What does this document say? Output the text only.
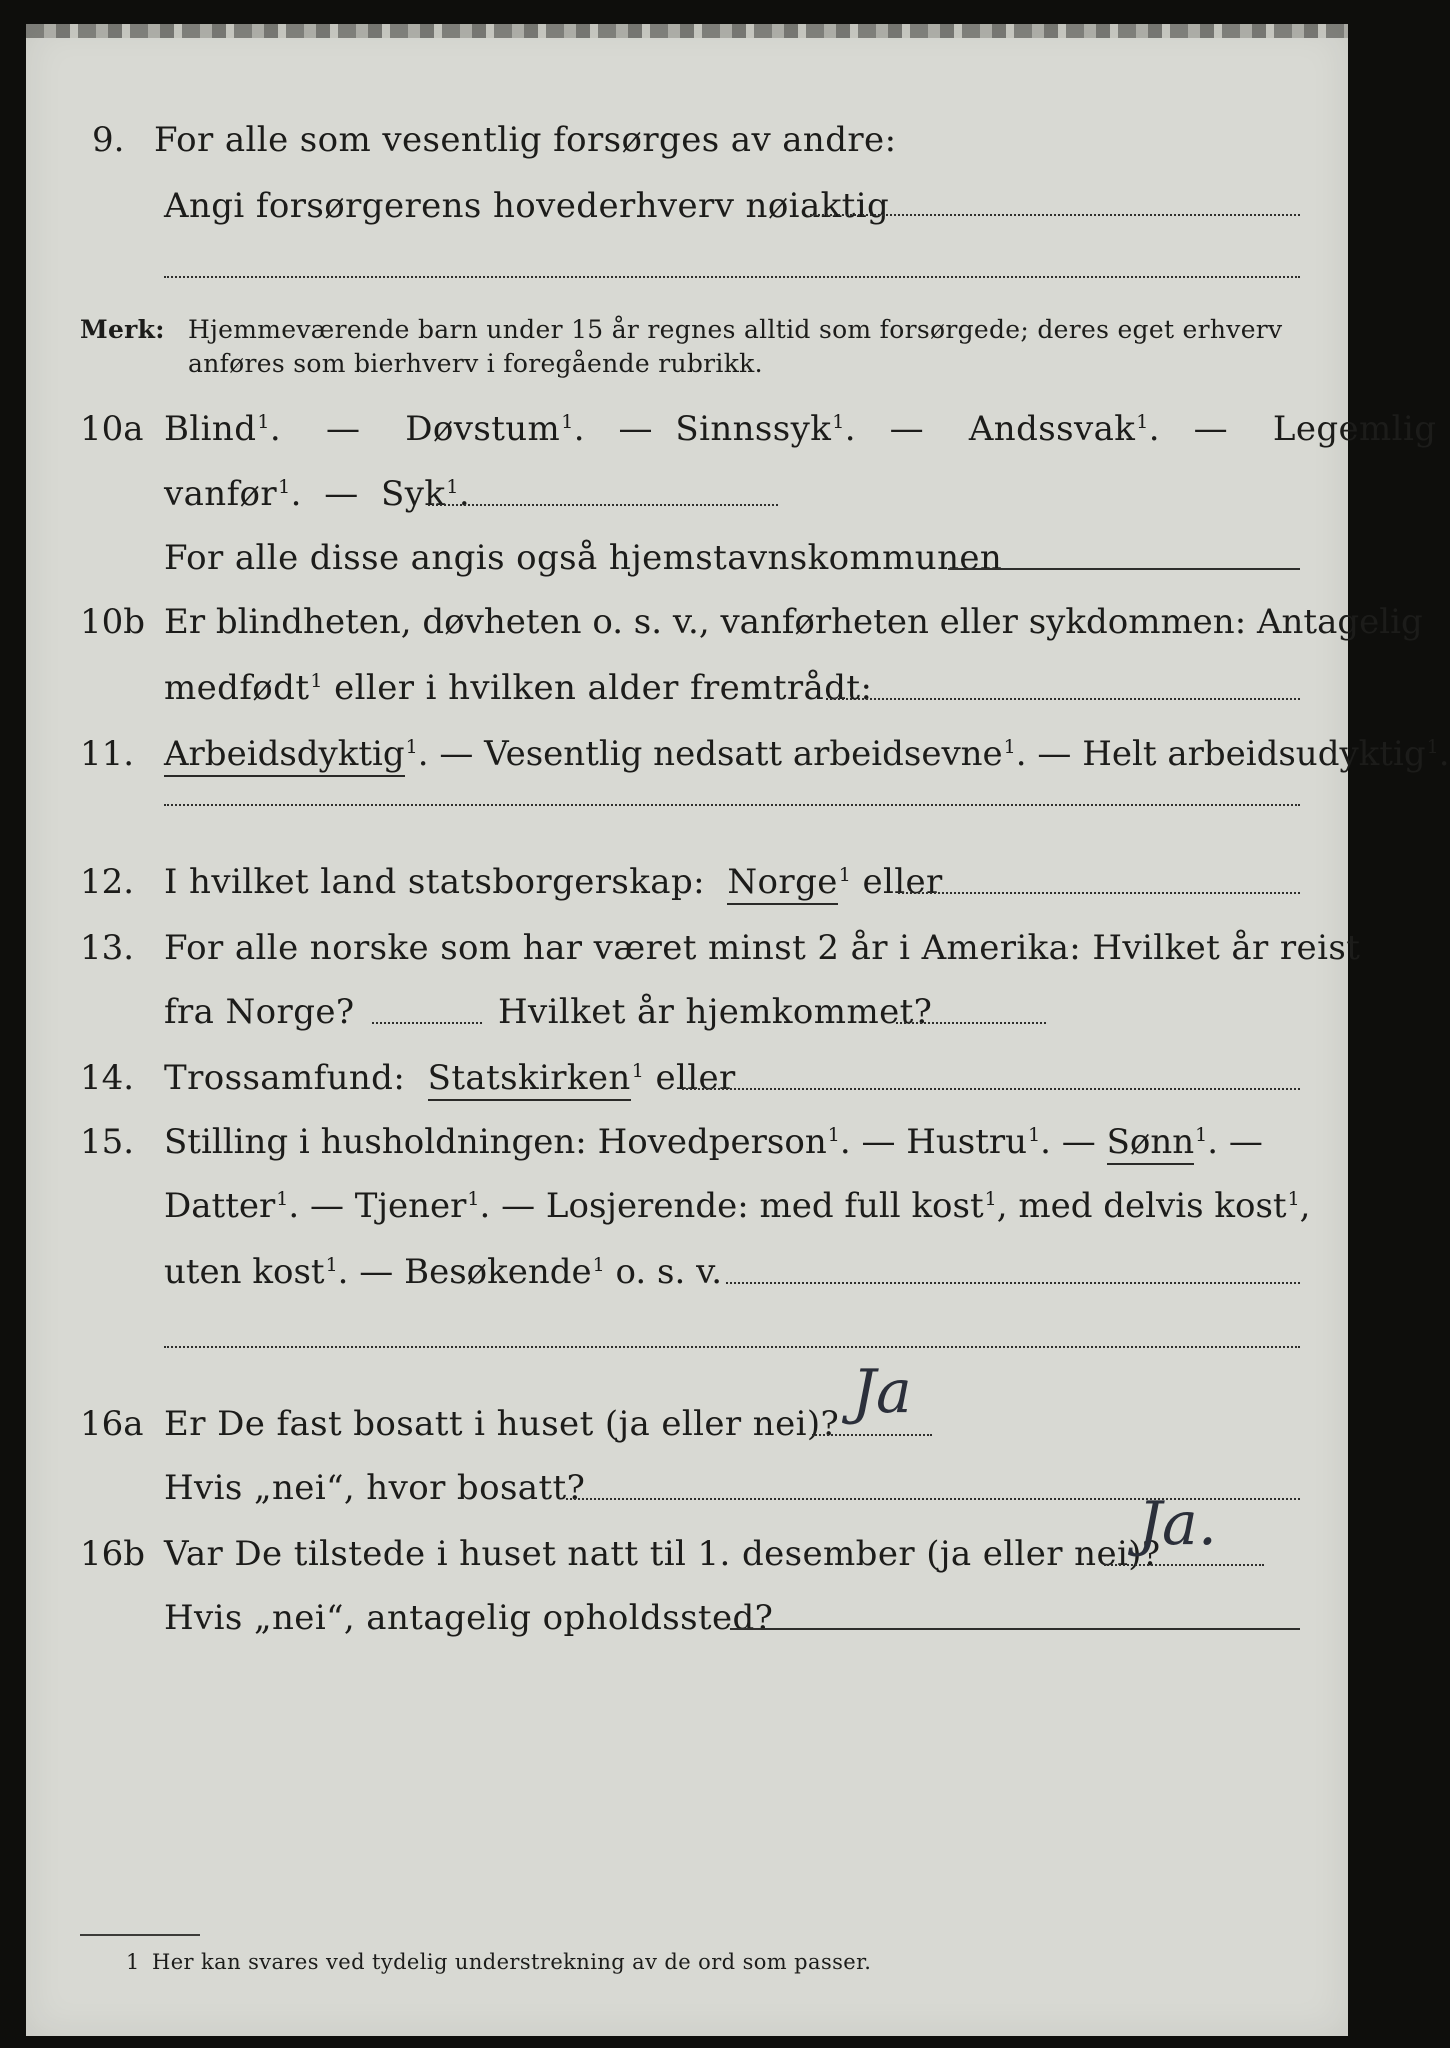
9. For alle som vesentlig forsørges av andre:
Angi forsørgerens hovederhverv nøiaktig
Merk: Hjemmeværende barn under 15 år regnes alltid som forsørgede; deres eget erhverv
anføres som bierhverv i foregående rubrikk.
10a Blind$^1$.    — Døvstum$^1$.   — Sinnssyk$^1$.   — Andssvak$^1$.   — Legemlig
vanfør$^1$.  — Syk$^1$.
For alle disse angis også hjemstavnskommunen
10b Er blindheten, døvheten o. s. v., vanførheten eller sykdommen: Antagelig
medfødt$^1$ eller i hvilken alder fremtrådt:
11. Arbeidsdyktig$^1$. — Vesentlig nedsatt arbeidsevne$^1$. — Helt arbeidsudyktig$^1$.
12. I hvilket land statsborgerskap: Norge$^1$ eller
13. For alle norske som har været minst 2 år i Amerika: Hvilket år reist
fra Norge?	Hvilket år hjemkommet?
14. Trossamfund: Statskirken$^1$ eller
15. Stilling i husholdningen: Hovedperson$^1$. — Hustru$^1$. — Sønn$^1$. —
Datter$^1$. — Tjener$^1$. — Losjerende: med full kost$^1$, med delvis kost$^1$,
uten kost$^1$. — Besøkende$^1$ o. s. v.
16a Er De fast bosatt i huset (ja eller nei)? Ja
Hvis „nei“, hvor bosatt?
16b Var De tilstede i huset natt til 1. desember (ja eller nei)?
Ja.
Hvis „nei“, antagelig opholdssted?
1 Her kan svares ved tydelig understrekning av de ord som passer.
